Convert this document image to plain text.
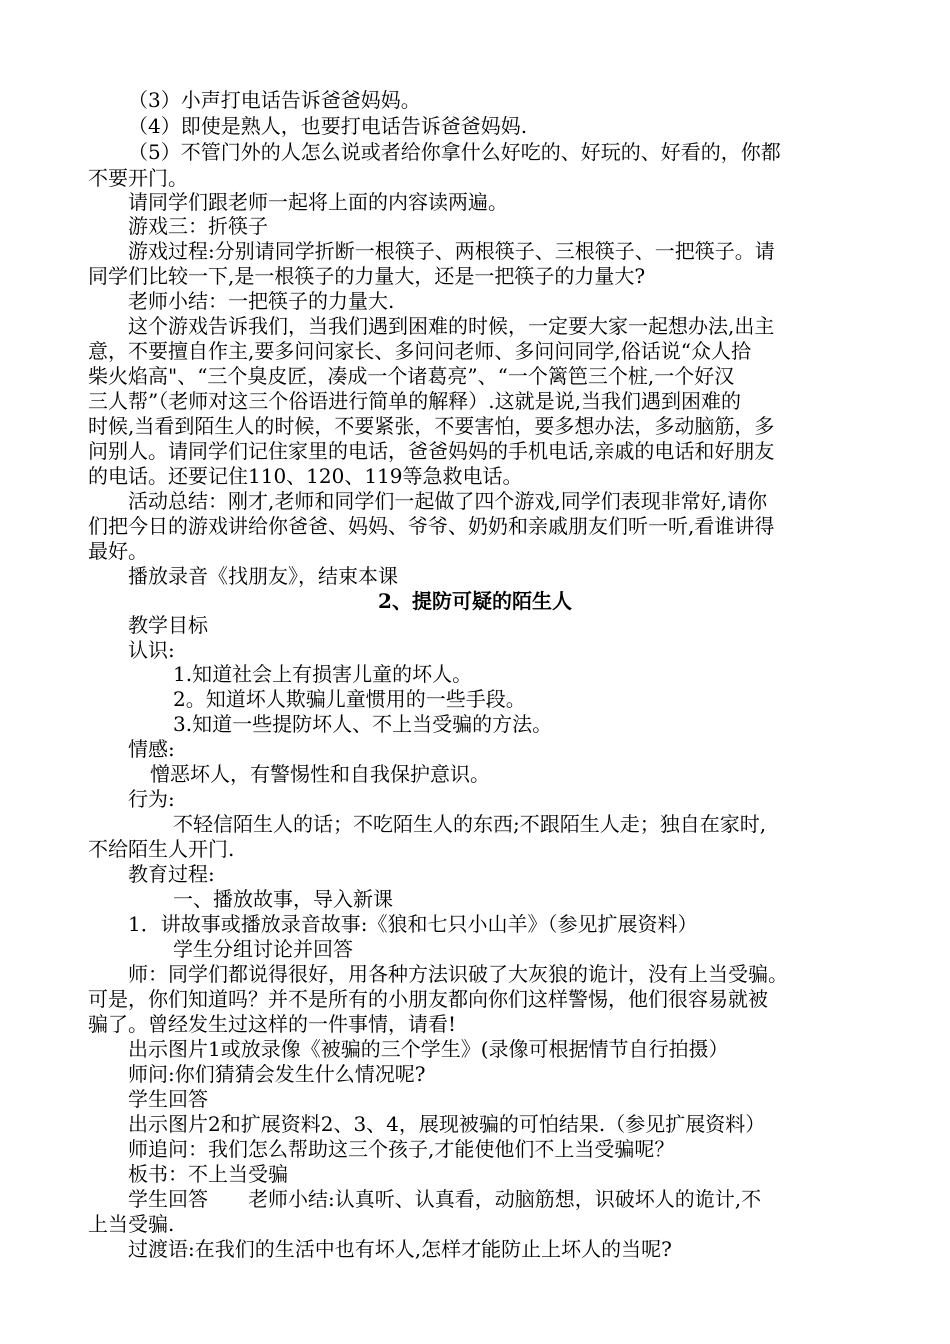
（3）小声打电话告诉爸爸妈妈。
（4）即使是熟人，也要打电话告诉爸爸妈妈.
（5）不管门外的人怎么说或者给你拿什么好吃的、好玩的、好看的，你都
不要开门。
请同学们跟老师一起将上面的内容读两遍。
游戏三：折筷子
游戏过程:分别请同学折断一根筷子、两根筷子、三根筷子、一把筷子。请
同学们比较一下,是一根筷子的力量大，还是一把筷子的力量大?
老师小结：一把筷子的力量大.
这个游戏告诉我们，当我们遇到困难的时候，一定要大家一起想办法,出主
意，不要擅自作主,要多问问家长、多问问老师、多问问同学,俗话说“众人拾
柴火焰高"、“三个臭皮匠，凑成一个诸葛亮”、“一个篱笆三个桩,一个好汉
三人帮”（老师对这三个俗语进行简单的解释）.这就是说,当我们遇到困难的
时候,当看到陌生人的时候，不要紧张，不要害怕，要多想办法，多动脑筋，多
问别人。请同学们记住家里的电话，爸爸妈妈的手机电话,亲戚的电话和好朋友
的电话。还要记住110、120、119等急救电话。
活动总结：刚才,老师和同学们一起做了四个游戏,同学们表现非常好,请你
们把今日的游戏讲给你爸爸、妈妈、爷爷、奶奶和亲戚朋友们听一听,看谁讲得
最好。
播放录音《找朋友》，结束本课
2、提防可疑的陌生人
教学目标
认识:
1.知道社会上有损害儿童的坏人。
2。知道坏人欺骗儿童惯用的一些手段。
3.知道一些提防坏人、不上当受骗的方法。
情感:
憎恶坏人，有警惕性和自我保护意识。
行为:
不轻信陌生人的话；不吃陌生人的东西;不跟陌生人走；独自在家时,
不给陌生人开门.
教育过程:
一、播放故事，导入新课
1．讲故事或播放录音故事:《狼和七只小山羊》（参见扩展资料）
学生分组讨论并回答
师：同学们都说得很好，用各种方法识破了大灰狼的诡计，没有上当受骗。
可是，你们知道吗？并不是所有的小朋友都向你们这样警惕，他们很容易就被
骗了。曾经发生过这样的一件事情，请看!
出示图片1或放录像《被骗的三个学生》(录像可根据情节自行拍摄）
师问:你们猜猜会发生什么情况呢?
学生回答
出示图片2和扩展资料2、3、4，展现被骗的可怕结果.（参见扩展资料）
师追问：我们怎么帮助这三个孩子,才能使他们不上当受骗呢？
板书：不上当受骗
学生回答　　老师小结:认真听、认真看，动脑筋想，识破坏人的诡计,不
上当受骗.
过渡语:在我们的生活中也有坏人,怎样才能防止上坏人的当呢?
